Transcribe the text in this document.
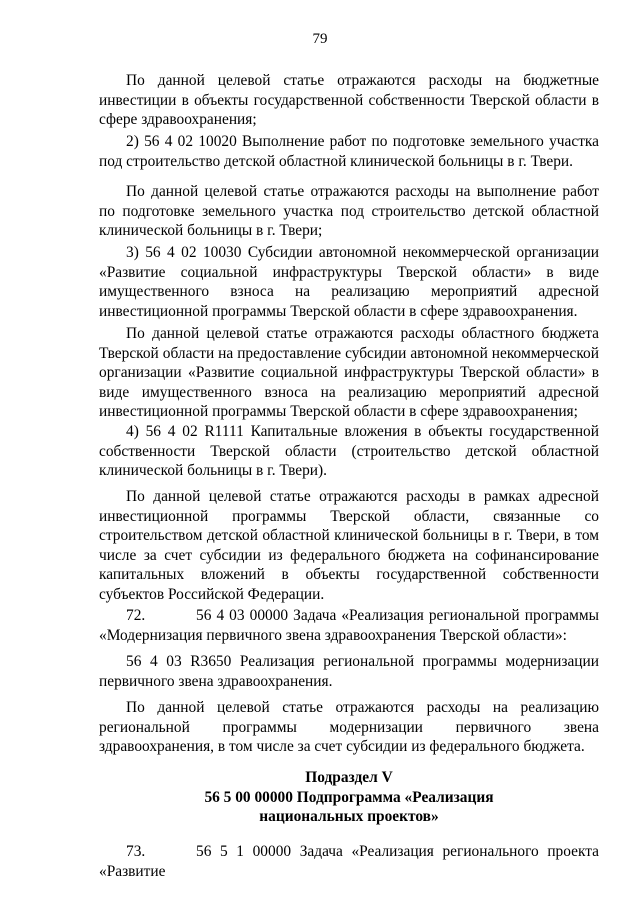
79
По данной целевой статье отражаются расходы на бюджетные инвестиции в объекты государственной собственности Тверской области в сфере здравоохранения;
2) 56 4 02 10020 Выполнение работ по подготовке земельного участка под строительство детской областной клинической больницы в г. Твери.
По данной целевой статье отражаются расходы на выполнение работ по подготовке земельного участка под строительство детской областной клинической больницы в г. Твери;
3) 56 4 02 10030 Субсидии автономной некоммерческой организации «Развитие социальной инфраструктуры Тверской области» в виде имущественного взноса на реализацию мероприятий адресной инвестиционной программы Тверской области в сфере здравоохранения.
По данной целевой статье отражаются расходы областного бюджета Тверской области на предоставление субсидии автономной некоммерческой организации «Развитие социальной инфраструктуры Тверской области» в виде имущественного взноса на реализацию мероприятий адресной инвестиционной программы Тверской области в сфере здравоохранения;
4) 56 4 02 R1111 Капитальные вложения в объекты государственной собственности Тверской области (строительство детской областной клинической больницы в г. Твери).
По данной целевой статье отражаются расходы в рамках адресной инвестиционной программы Тверской области, связанные со строительством детской областной клинической больницы в г. Твери, в том числе за счет субсидии из федерального бюджета на софинансирование капитальных вложений в объекты государственной собственности субъектов Российской Федерации.
72.	56 4 03 00000 Задача «Реализация региональной программы «Модернизация первичного звена здравоохранения Тверской области»:
56 4 03 R3650 Реализация региональной программы модернизации первичного звена здравоохранения.
По данной целевой статье отражаются расходы на реализацию региональной программы модернизации первичного звена здравоохранения, в том числе за счет субсидии из федерального бюджета.
Подраздел V
56 5 00 00000 Подпрограмма «Реализация
национальных проектов»
73.	56 5 1 00000 Задача «Реализация регионального проекта «Развитие
